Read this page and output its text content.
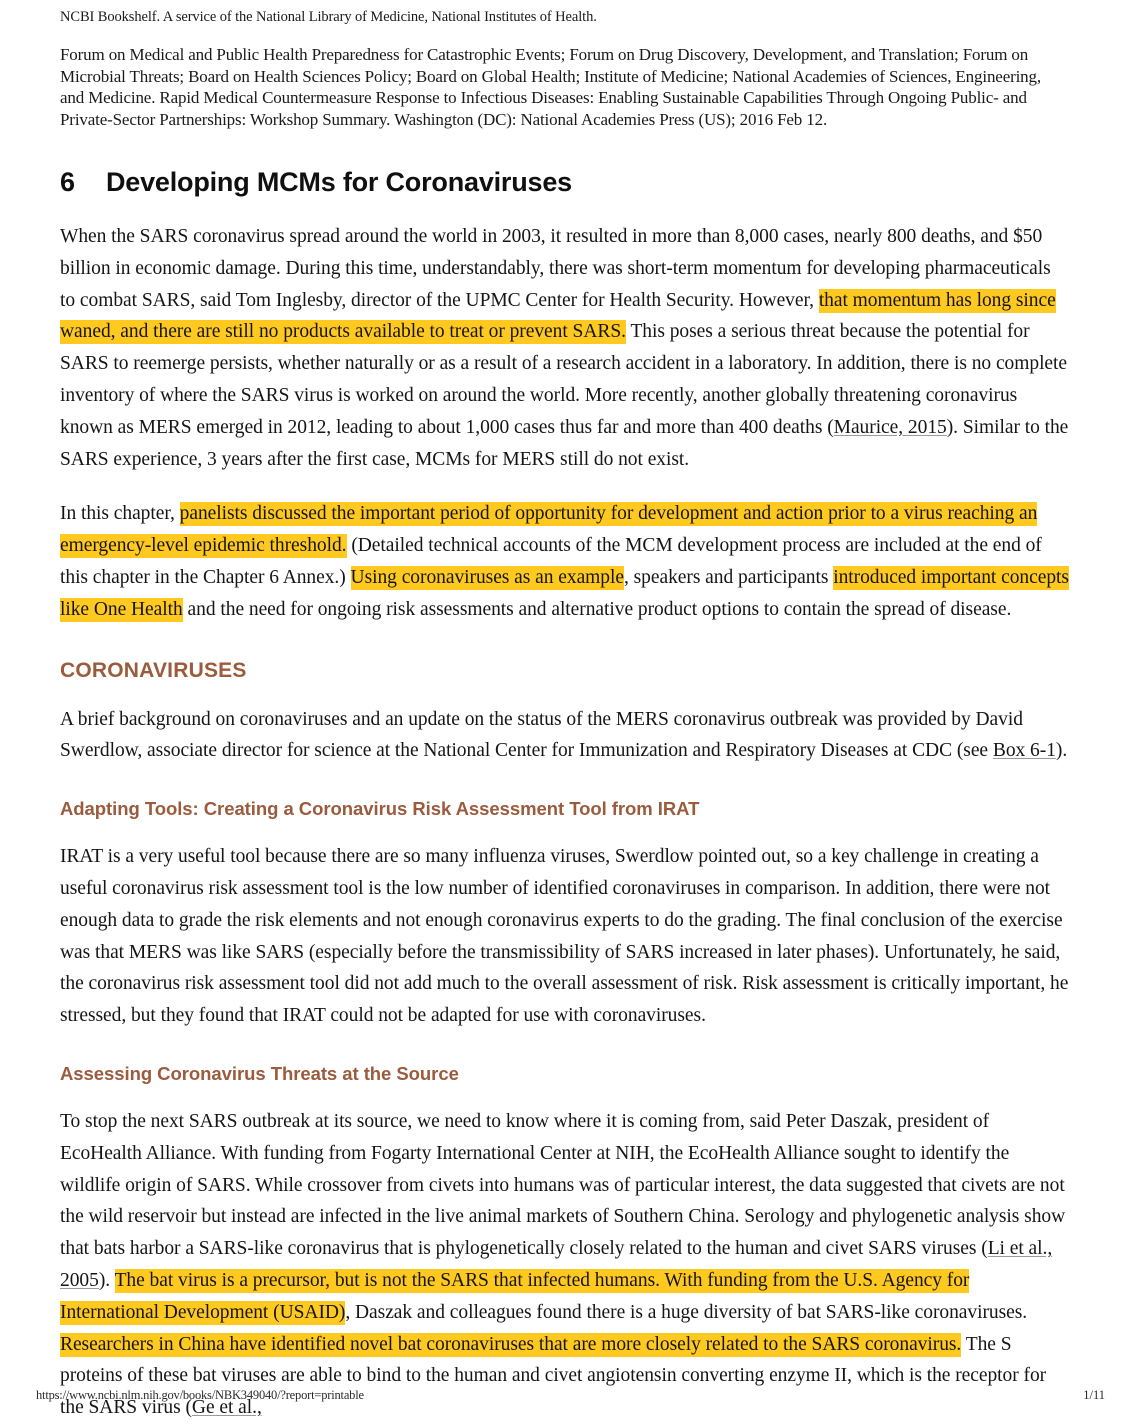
NCBI Bookshelf. A service of the National Library of Medicine, National Institutes of Health.

Forum on Medical and Public Health Preparedness for Catastrophic Events; Forum on Drug Discovery, Development, and Translation; Forum on Microbial Threats; Board on Health Sciences Policy; Board on Global Health; Institute of Medicine; National Academies of Sciences, Engineering, and Medicine. Rapid Medical Countermeasure Response to Infectious Diseases: Enabling Sustainable Capabilities Through Ongoing Public- and Private-Sector Partnerships: Workshop Summary. Washington (DC): National Academies Press (US); 2016 Feb 12.

6	Developing MCMs for Coronaviruses

When the SARS coronavirus spread around the world in 2003, it resulted in more than 8,000 cases, nearly 800 deaths, and $50 billion in economic damage. During this time, understandably, there was short-term momentum for developing pharmaceuticals to combat SARS, said Tom Inglesby, director of the UPMC Center for Health Security. However, that momentum has long since waned, and there are still no products available to treat or prevent SARS. This poses a serious threat because the potential for SARS to reemerge persists, whether naturally or as a result of a research accident in a laboratory. In addition, there is no complete inventory of where the SARS virus is worked on around the world. More recently, another globally threatening coronavirus known as MERS emerged in 2012, leading to about 1,000 cases thus far and more than 400 deaths (Maurice, 2015). Similar to the SARS experience, 3 years after the first case, MCMs for MERS still do not exist.

In this chapter, panelists discussed the important period of opportunity for development and action prior to a virus reaching an emergency-level epidemic threshold. (Detailed technical accounts of the MCM development process are included at the end of this chapter in the Chapter 6 Annex.) Using coronaviruses as an example, speakers and participants introduced important concepts like One Health and the need for ongoing risk assessments and alternative product options to contain the spread of disease.

CORONAVIRUSES

A brief background on coronaviruses and an update on the status of the MERS coronavirus outbreak was provided by David Swerdlow, associate director for science at the National Center for Immunization and Respiratory Diseases at CDC (see Box 6-1).

Adapting Tools: Creating a Coronavirus Risk Assessment Tool from IRAT

IRAT is a very useful tool because there are so many influenza viruses, Swerdlow pointed out, so a key challenge in creating a useful coronavirus risk assessment tool is the low number of identified coronaviruses in comparison. In addition, there were not enough data to grade the risk elements and not enough coronavirus experts to do the grading. The final conclusion of the exercise was that MERS was like SARS (especially before the transmissibility of SARS increased in later phases). Unfortunately, he said, the coronavirus risk assessment tool did not add much to the overall assessment of risk. Risk assessment is critically important, he stressed, but they found that IRAT could not be adapted for use with coronaviruses.

Assessing Coronavirus Threats at the Source

To stop the next SARS outbreak at its source, we need to know where it is coming from, said Peter Daszak, president of EcoHealth Alliance. With funding from Fogarty International Center at NIH, the EcoHealth Alliance sought to identify the wildlife origin of SARS. While crossover from civets into humans was of particular interest, the data suggested that civets are not the wild reservoir but instead are infected in the live animal markets of Southern China. Serology and phylogenetic analysis show that bats harbor a SARS-like coronavirus that is phylogenetically closely related to the human and civet SARS viruses (Li et al., 2005). The bat virus is a precursor, but is not the SARS that infected humans. With funding from the U.S. Agency for International Development (USAID), Daszak and colleagues found there is a huge diversity of bat SARS-like coronaviruses. Researchers in China have identified novel bat coronaviruses that are more closely related to the SARS coronavirus. The S proteins of these bat viruses are able to bind to the human and civet angiotensin converting enzyme II, which is the receptor for the SARS virus (Ge et al.,

https://www.ncbi.nlm.nih.gov/books/NBK349040/?report=printable	1/11
